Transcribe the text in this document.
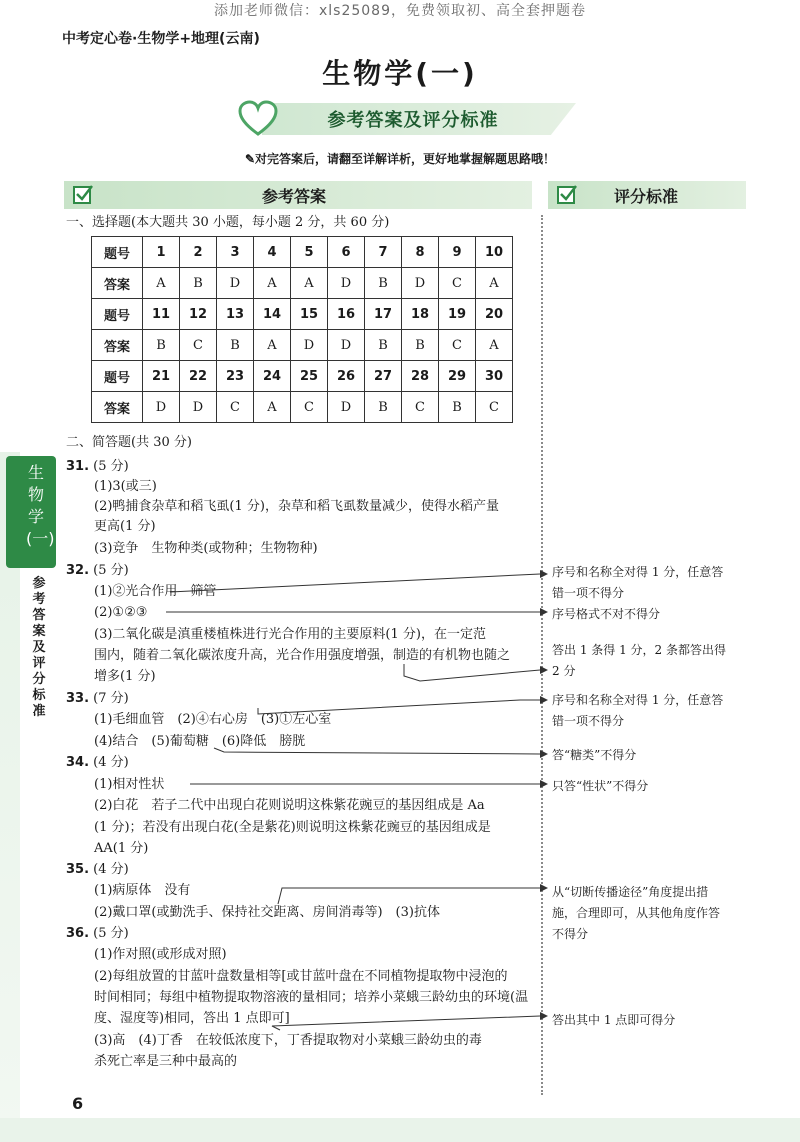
添加老师微信：xls25089，免费领取初、高全套押题卷
中考定心卷·生物学+地理(云南)
生物学(一)
参考答案及评分标准
✎对完答案后，请翻至详解详析，更好地掌握解题思路哦！
参考答案	评分标准
一、选择题(本大题共 30 小题，每小题 2 分，共 60 分)
题号	1	2	3	4	5	6	7	8	9	10
答案	A	B	D	A	A	D	B	D	C	A
题号	11	12	13	14	15	16	17	18	19	20
答案	B	C	B	A	D	D	B	B	C	A
题号	21	22	23	24	25	26	27	28	29	30
答案	D	D	C	A	C	D	B	C	B	C
二、简答题(共 30 分)
31. (5 分)
(1)3(或三)
(2)鸭捕食杂草和稻飞虱(1 分)，杂草和稻飞虱数量减少，使得水稻产量
更高(1 分)
(3)竞争　生物种类(或物种；生物物种)
32. (5 分)
(1)②光合作用　筛管
(2)①②③
(3)二氧化碳是滇重楼植株进行光合作用的主要原料(1 分)，在一定范
围内，随着二氧化碳浓度升高，光合作用强度增强，制造的有机物也随之
增多(1 分)
33. (7 分)
(1)毛细血管　(2)④右心房　(3)①左心室
(4)结合　(5)葡萄糖　(6)降低　膀胱
34. (4 分)
(1)相对性状
(2)白花　若子二代中出现白花则说明这株紫花豌豆的基因组成是 Aa
(1 分)；若没有出现白花(全是紫花)则说明这株紫花豌豆的基因组成是
AA(1 分)
35. (4 分)
(1)病原体　没有
(2)戴口罩(或勤洗手、保持社交距离、房间消毒等)　(3)抗体
36. (5 分)
(1)作对照(或形成对照)
(2)每组放置的甘蓝叶盘数量相等[或甘蓝叶盘在不同植物提取物中浸泡的
时间相同；每组中植物提取物溶液的量相同；培养小菜蛾三龄幼虫的环境(温
度、湿度等)相同，答出 1 点即可]
(3)高　(4)丁香　在较低浓度下，丁香提取物对小菜蛾三龄幼虫的毒
杀死亡率是三种中最高的
序号和名称全对得 1 分，任意答
错一项不得分
序号格式不对不得分
答出 1 条得 1 分，2 条都答出得
2 分
序号和名称全对得 1 分，任意答
错一项不得分
答“糖类”不得分
只答“性状”不得分
从“切断传播途径”角度提出措
施，合理即可，从其他角度作答
不得分
答出其中 1 点即可得分
生物学(一)
参考答案及评分标准
6
